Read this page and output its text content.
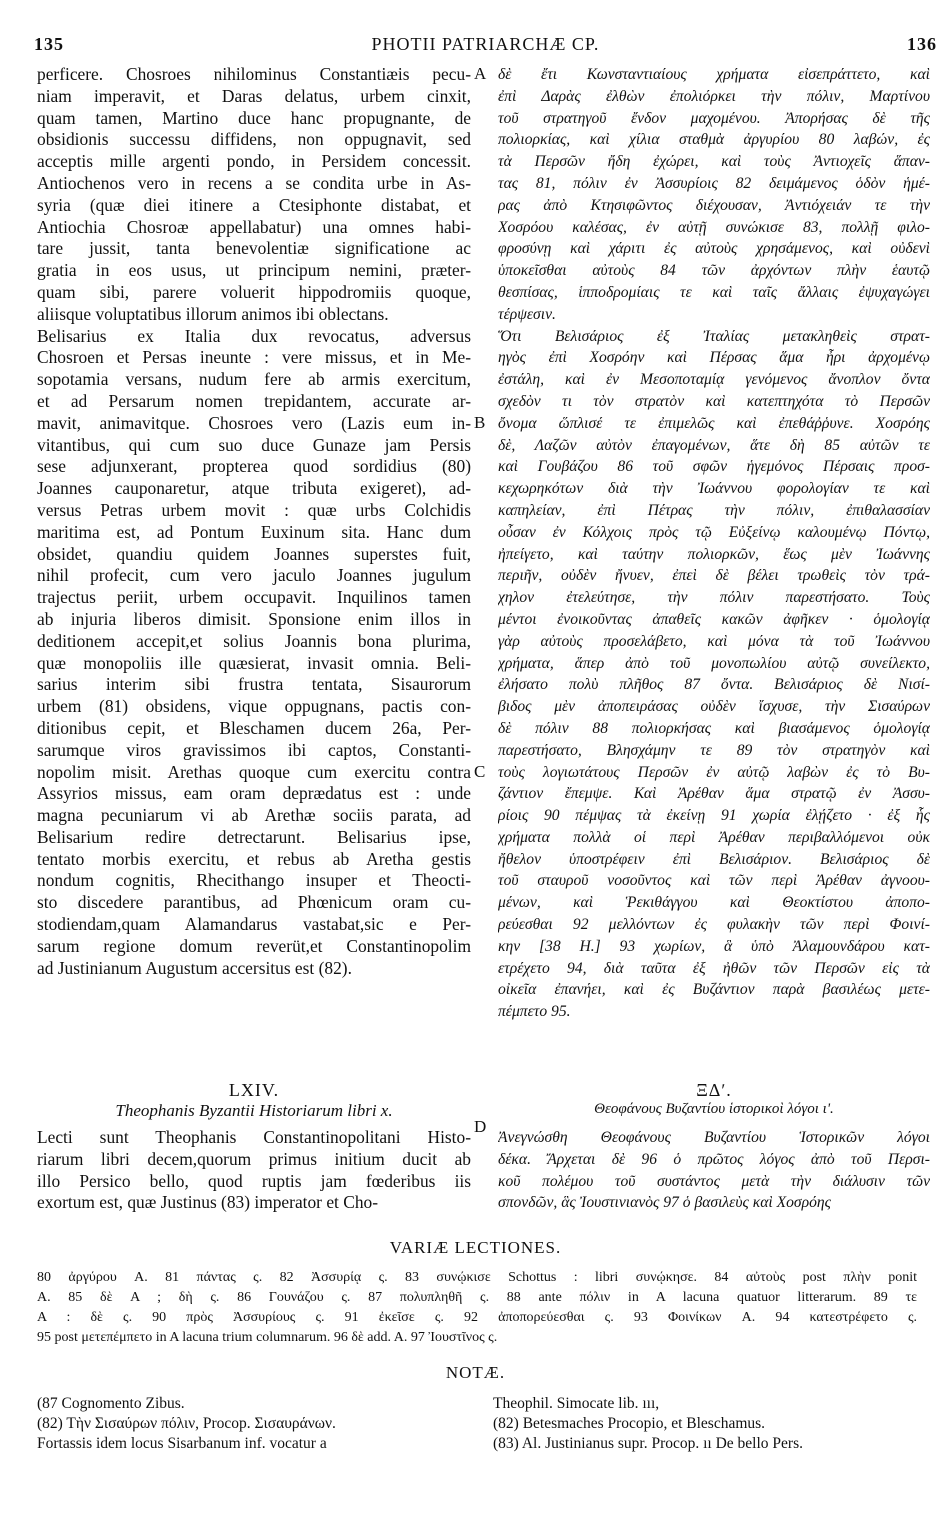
135	PHOTII PATRIARCHÆ CP.	136
perficere. Chosroes nihilominus Constantiæis pecu-
niam imperavit, et Daras delatus, urbem cinxit,
quam tamen, Martino duce hanc propugnante, de
obsidionis successu diffidens, non oppugnavit, sed
acceptis mille argenti pondo, in Persidem concessit.
Antiochenos vero in recens a se condita urbe in As-
syria (quæ diei itinere a Ctesiphonte distabat, et
Antiochia Chosroæ appellabatur) una omnes habi-
tare jussit, tanta benevolentiæ significatione ac
gratia in eos usus, ut principum nemini, præter-
quam sibi, parere voluerit hippodromiis quoque,
aliisque voluptatibus illorum animos ibi oblectans.
Belisarius ex Italia dux revocatus, adversus
Chosroen et Persas ineunte : vere missus, et in Me-
sopotamia versans, nudum fere ab armis exercitum,
et ad Persarum nomen trepidantem, accurate ar-
mavit, animavitque. Chosroes vero (Lazis eum in-
vitantibus, qui cum suo duce Gunaze jam Persis
sese adjunxerant, propterea quod sordidius (80)
Joannes cauponaretur, atque tributa exigeret), ad-
versus Petras urbem movit : quæ urbs Colchidis
maritima est, ad Pontum Euxinum sita. Hanc dum
obsidet, quandiu quidem Joannes superstes fuit,
nihil profecit, cum vero jaculo Joannes jugulum
trajectus periit, urbem occupavit. Inquilinos tamen
ab injuria liberos dimisit. Sponsione enim illos in
deditionem accepit,et solius Joannis bona plurima,
quæ monopoliis ille quæsierat, invasit omnia. Beli-
sarius interim sibi frustra tentata, Sisaurorum
urbem (81) obsidens, vique oppugnans, pactis con-
ditionibus cepit, et Bleschamen ducem 26a, Per-
sarumque viros gravissimos ibi captos, Constanti-
nopolim misit. Arethas quoque cum exercitu contra
Assyrios missus, eam oram deprædatus est : unde
magna pecuniarum vi ab Arethæ sociis parata, ad
Belisarium redire detrectarunt. Belisarius ipse,
tentato morbis exercitu, et rebus ab Aretha gestis
nondum cognitis, Rhecithango insuper et Theocti-
sto discedere parantibus, ad Phœnicum oram cu-
stodiendam,quam Alamandarus vastabat,sic e Per-
sarum regione domum reverüt,et Constantinopolim
ad Justinianum Augustum accersitus est (82).
δὲ ἔτι Κωνσταντιαίους χρήματα εἰσεπράττετο, καὶ
ἐπὶ Δαρὰς ἐλθὼν ἐπολιόρκει τὴν πόλιν, Μαρτίνου
τοῦ στρατηγοῦ ἔνδον μαχομένου. Ἀπορήσας δὲ τῆς
πολιορκίας, καὶ χίλια σταθμὰ ἀργυρίου 80 λαβών, ἐς
τὰ Περσῶν ἤδη ἐχώρει, καὶ τοὺς Ἀντιοχεῖς ἅπαν-
τας 81, πόλιν ἐν Ἀσσυρίοις 82 δειμάμενος ὁδὸν ἡμέ-
ρας ἀπὸ Κτησιφῶντος διέχουσαν, Ἀντιόχειάν τε τὴν
Χοσρόου καλέσας, ἐν αὐτῇ συνώκισε 83, πολλῇ φιλο-
φροσύνῃ καὶ χάριτι ἐς αὐτοὺς χρησάμενος, καὶ οὐδενὶ
ὑποκεῖσθαι αὐτοὺς 84 τῶν ἀρχόντων πλὴν ἑαυτῷ
θεσπίσας, ἱπποδρομίαις τε καὶ ταῖς ἄλλαις ἐψυχαγώγει
τέρψεσιν.
Ὅτι Βελισάριος ἐξ Ἰταλίας μετακληθεὶς στρατ-
ηγὸς ἐπὶ Χοσρόην καὶ Πέρσας ἅμα ἦρι ἀρχομένῳ
ἐστάλη, καὶ ἐν Μεσοποταμίᾳ γενόμενος ἄνοπλον ὄντα
σχεδὸν τι τὸν στρατὸν καὶ κατεπτηχότα τὸ Περσῶν
ὄνομα ὥπλισέ τε ἐπιμελῶς καὶ ἐπεθάῤῥυνε. Χοσρόης
δὲ, Λαζῶν αὐτὸν ἐπαγομένων, ἅτε δὴ 85 αὐτῶν τε
καὶ Γουβάζου 86 τοῦ σφῶν ἡγεμόνος Πέρσαις προσ-
κεχωρηκότων διὰ τὴν Ἰωάννου φορολογίαν τε καὶ
καπηλείαν, ἐπὶ Πέτρας τὴν πόλιν, ἐπιθαλασσίαν
οὖσαν ἐν Κόλχοις πρὸς τῷ Εὐξείνῳ καλουμένῳ Πόντῳ,
ἠπείγετο, καὶ ταύτην πολιορκῶν, ἕως μὲν Ἰωάννης
περιῆν, οὐδὲν ἤνυεν, ἐπεὶ δὲ βέλει τρωθεὶς τὸν τρά-
χηλον ἐτελεύτησε, τὴν πόλιν παρεστήσατο. Τοὺς
μέντοι ἐνοικοῦντας ἀπαθεῖς κακῶν ἀφῆκεν · ὁμολογίᾳ
γὰρ αὐτοὺς προσελάβετο, καὶ μόνα τὰ τοῦ Ἰωάννου
χρήματα, ἅπερ ἀπὸ τοῦ μονοπωλίου αὐτῷ συνείλεκτο,
ἐλήσατο πολὺ πλῆθος 87 ὄντα. Βελισάριος δὲ Νισί-
βιδος μὲν ἀποπειράσας οὐδὲν ἴσχυσε, τὴν Σισαύρων
δὲ πόλιν 88 πολιορκήσας καὶ βιασάμενος ὁμολογίᾳ
παρεστήσατο, Βλησχάμην τε 89 τὸν στρατηγὸν καὶ
τοὺς λογιωτάτους Περσῶν ἐν αὐτῷ λαβὼν ἐς τὸ Βυ-
ζάντιον ἔπεμψε. Καὶ Ἀρέθαν ἅμα στρατῷ ἐν Ἀσσυ-
ρίοις 90 πέμψας τὰ ἐκείνῃ 91 χωρία ἐλῄζετο · ἐξ ἧς
χρήματα πολλὰ οἱ περὶ Ἀρέθαν περιβαλλόμενοι οὐκ
ἤθελον ὑποστρέφειν ἐπὶ Βελισάριον. Βελισάριος δὲ
τοῦ σταυροῦ νοσοῦντος καὶ τῶν περὶ Ἀρέθαν ἀγνοου-
μένων, καὶ Ῥεκιθάγγου καὶ Θεοκτίστου ἀποπο-
ρεύεσθαι 92 μελλόντων ἐς φυλακὴν τῶν περὶ Φοινί-
κην [38 Η.] 93 χωρίων, ἃ ὑπὸ Ἀλαμουνδάρου κατ-
ετρέχετο 94, διὰ ταῦτα ἐξ ἠθῶν τῶν Περσῶν εἰς τὰ
οἰκεῖα ἐπανήει, καὶ ἐς Βυζάντιον παρὰ βασιλέως μετε-
πέμπετο 95.
A
B
C
D
LXIV.
Theophanis Byzantii Historiarum libri x.
Lecti sunt Theophanis Constantinopolitani Histo-
riarum libri decem,quorum primus initium ducit ab
illo Persico bello, quod ruptis jam fœderibus iis
exortum est, quæ Justinus (83) imperator et Cho-
ΞΔʹ.
Θεοφάνους Βυζαντίου ἱστορικοὶ λόγοι ιʹ.
Ἀνεγνώσθη Θεοφάνους Βυζαντίου Ἱστορικῶν λόγοι
δέκα. Ἄρχεται δὲ 96 ὁ πρῶτος λόγος ἀπὸ τοῦ Περσι-
κοῦ πολέμου τοῦ συστάντος μετὰ τὴν διάλυσιν τῶν
σπονδῶν, ἃς Ἰουστινιανὸς 97 ὁ βασιλεὺς καὶ Χοσρόης
VARIÆ LECTIONES.
80 ἀργύρου A. 81 πάντας ς. 82 Ἀσσυρίᾳ ς. 83 συνῴκισε Schottus : libri συνῴκησε. 84 αὐτοὺς post πλὴν ponit
A. 85 δὲ A ; δὴ ς. 86 Γουνάζου ς. 87 πολυπληθῆ ς. 88 ante πόλιν in A lacuna quatuor litterarum. 89 τε
A : δὲ ς. 90 πρὸς Ἀσσυρίους ς. 91 ἐκεῖσε ς. 92 ἀποπορεύεσθαι ς. 93 Φοινίκων A. 94 κατεστρέφετο ς.
95 post μετεπέμπετο in A lacuna trium columnarum. 96 δὲ add. A. 97 Ἰουστῖνος ς.
NOTÆ.
(87 Cognomento Zibus.
(82) Τὴν Σισαύρων πόλιν, Procop. Σισαυράνων.
Fortassis idem locus Sisarbanum inf. vocatur a
Theophil. Simocate lib. ııı,
(82) Betesmaches Procopio, et Bleschamus.
(83) Al. Justinianus supr. Procop. ıı De bello Pers.
